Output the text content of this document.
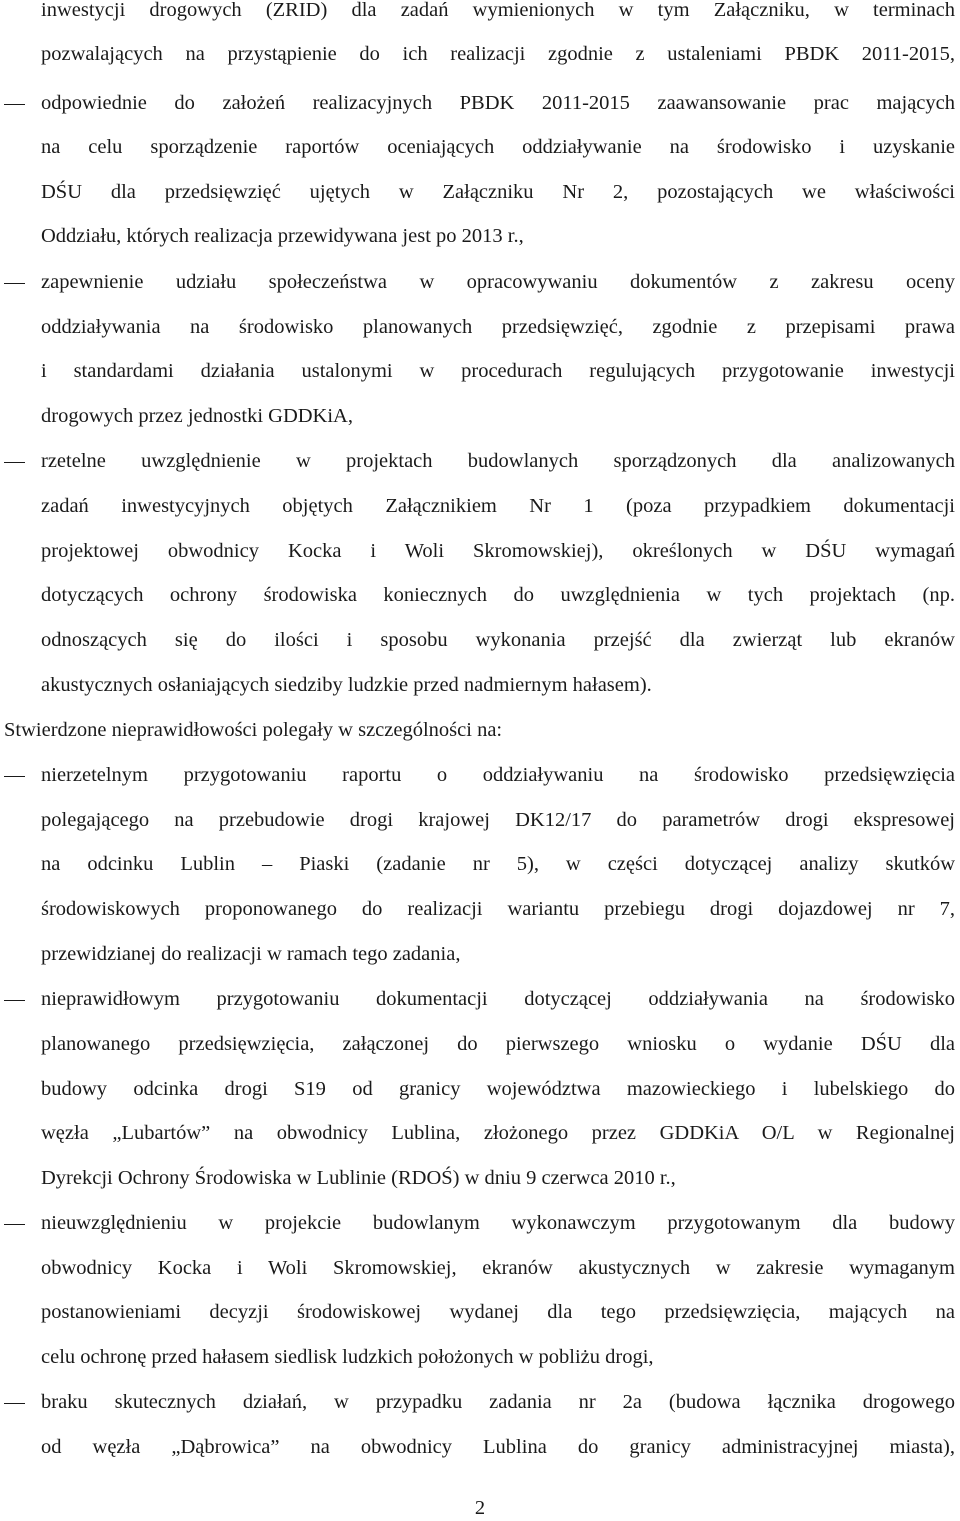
inwestycji drogowych (ZRID) dla zadań wymienionych w tym Załączniku, w terminach
pozwalających na przystąpienie do ich realizacji zgodnie z ustaleniami PBDK 2011-2015,
odpowiednie do założeń realizacyjnych PBDK 2011-2015 zaawansowanie prac mających
na celu sporządzenie raportów oceniających oddziaływanie na środowisko i uzyskanie
DŚU dla przedsięwzięć ujętych w Załączniku Nr 2, pozostających we właściwości
Oddziału, których realizacja przewidywana jest po 2013 r.,
zapewnienie udziału społeczeństwa w opracowywaniu dokumentów z zakresu oceny
oddziaływania na środowisko planowanych przedsięwzięć, zgodnie z przepisami prawa
i standardami działania ustalonymi w procedurach regulujących przygotowanie inwestycji
drogowych przez jednostki GDDKiA,
rzetelne uwzględnienie w projektach budowlanych sporządzonych dla analizowanych
zadań inwestycyjnych objętych Załącznikiem Nr 1 (poza przypadkiem dokumentacji
projektowej obwodnicy Kocka i Woli Skromowskiej), określonych w DŚU wymagań
dotyczących ochrony środowiska koniecznych do uwzględnienia w tych projektach (np.
odnoszących się do ilości i sposobu wykonania przejść dla zwierząt lub ekranów
akustycznych osłaniających siedziby ludzkie przed nadmiernym hałasem).
Stwierdzone nieprawidłowości polegały w szczególności na:
nierzetelnym przygotowaniu raportu o oddziaływaniu na środowisko przedsięwzięcia
polegającego na przebudowie drogi krajowej DK12/17 do parametrów drogi ekspresowej
na odcinku Lublin – Piaski (zadanie nr 5), w części dotyczącej analizy skutków
środowiskowych proponowanego do realizacji wariantu przebiegu drogi dojazdowej nr 7,
przewidzianej do realizacji w ramach tego zadania,
nieprawidłowym przygotowaniu dokumentacji dotyczącej oddziaływania na środowisko
planowanego przedsięwzięcia, załączonej do pierwszego wniosku o wydanie DŚU dla
budowy odcinka drogi S19 od granicy województwa mazowieckiego i lubelskiego do
węzła „Lubartów” na obwodnicy Lublina, złożonego przez GDDKiA O/L w Regionalnej
Dyrekcji Ochrony Środowiska w Lublinie (RDOŚ) w dniu 9 czerwca 2010 r.,
nieuwzględnieniu w projekcie budowlanym wykonawczym przygotowanym dla budowy
obwodnicy Kocka i Woli Skromowskiej, ekranów akustycznych w zakresie wymaganym
postanowieniami decyzji środowiskowej wydanej dla tego przedsięwzięcia, mających na
celu ochronę przed hałasem siedlisk ludzkich położonych w pobliżu drogi,
braku skutecznych działań, w przypadku zadania nr 2a (budowa łącznika drogowego
od węzła „Dąbrowica” na obwodnicy Lublina do granicy administracyjnej miasta),
2
